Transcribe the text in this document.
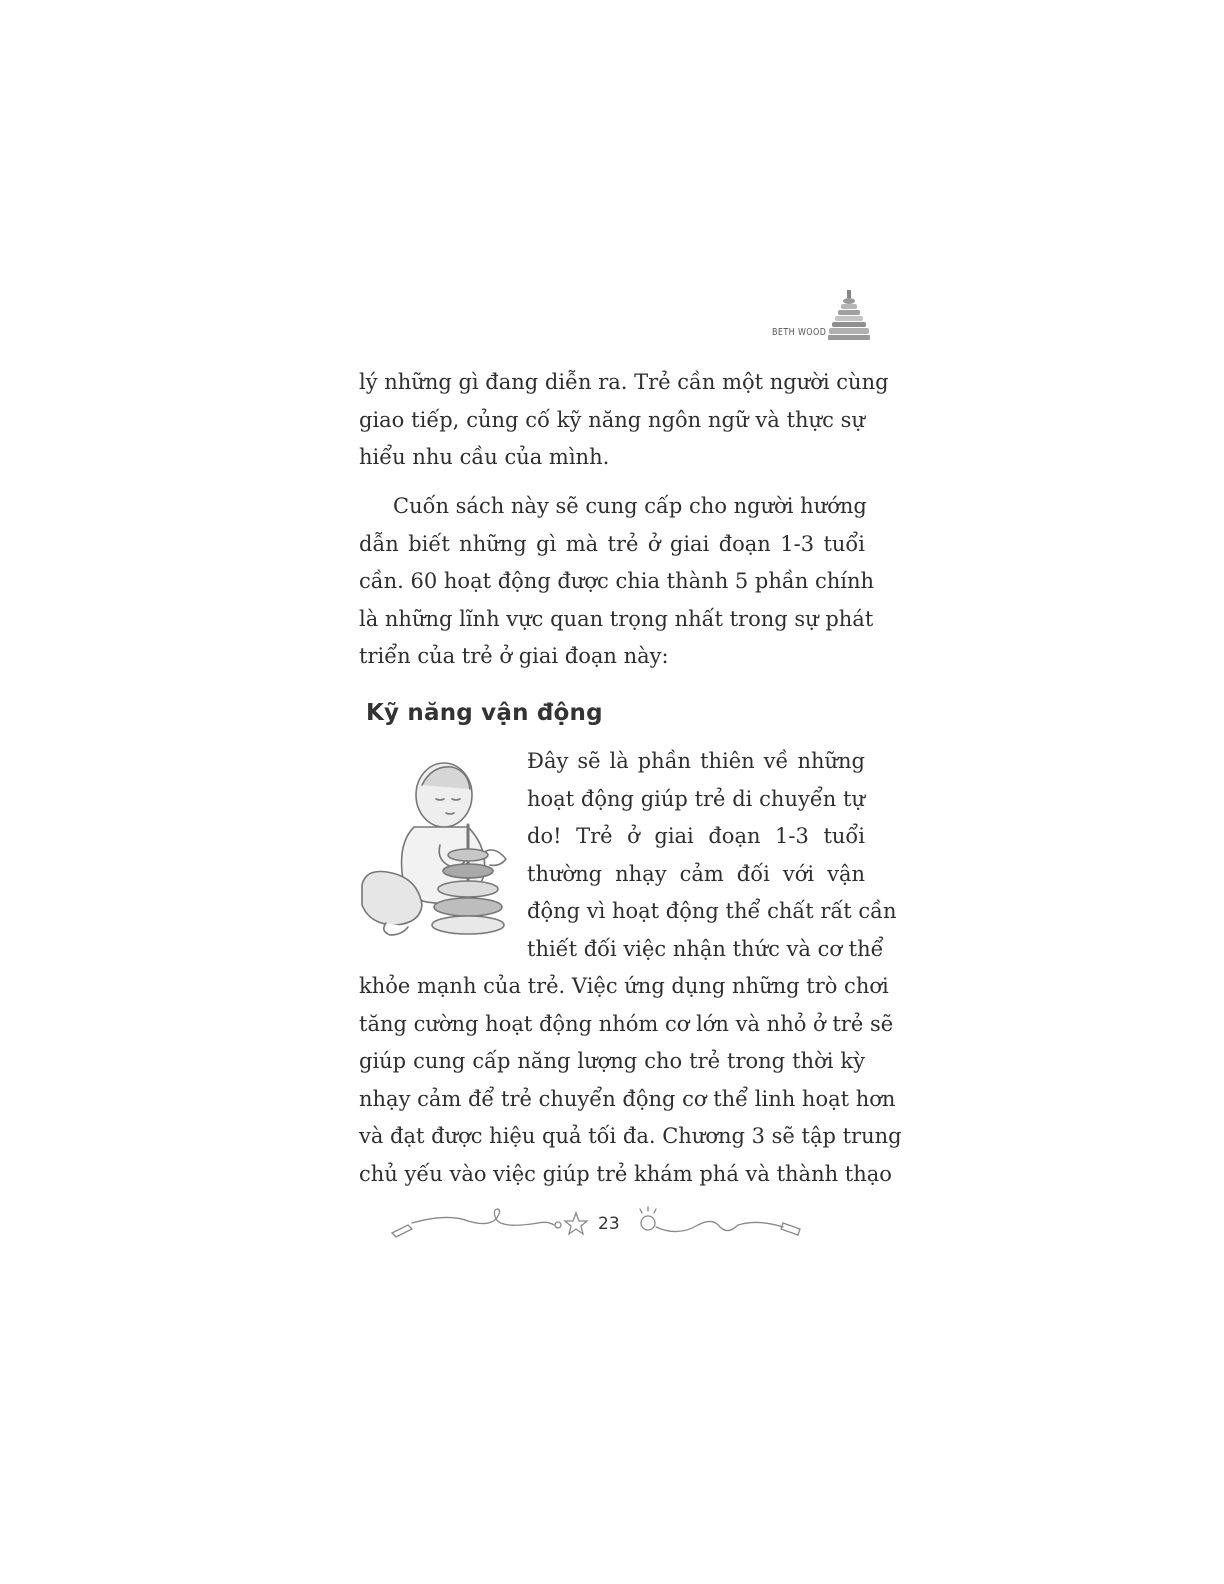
BETH WOOD
lý những gì đang diễn ra. Trẻ cần một người cùng
giao tiếp, củng cố kỹ năng ngôn ngữ và thực sự
hiểu nhu cầu của mình.
Cuốn sách này sẽ cung cấp cho người hướng
dẫn biết những gì mà trẻ ở giai đoạn 1-3 tuổi
cần. 60 hoạt động được chia thành 5 phần chính
là những lĩnh vực quan trọng nhất trong sự phát
triển của trẻ ở giai đoạn này:
Kỹ năng vận động
Đây sẽ là phần thiên về những
hoạt động giúp trẻ di chuyển tự
do! Trẻ ở giai đoạn 1-3 tuổi
thường nhạy cảm đối với vận
động vì hoạt động thể chất rất cần
thiết đối việc nhận thức và cơ thể
khỏe mạnh của trẻ. Việc ứng dụng những trò chơi
tăng cường hoạt động nhóm cơ lớn và nhỏ ở trẻ sẽ
giúp cung cấp năng lượng cho trẻ trong thời kỳ
nhạy cảm để trẻ chuyển động cơ thể linh hoạt hơn
và đạt được hiệu quả tối đa. Chương 3 sẽ tập trung
chủ yếu vào việc giúp trẻ khám phá và thành thạo
23
